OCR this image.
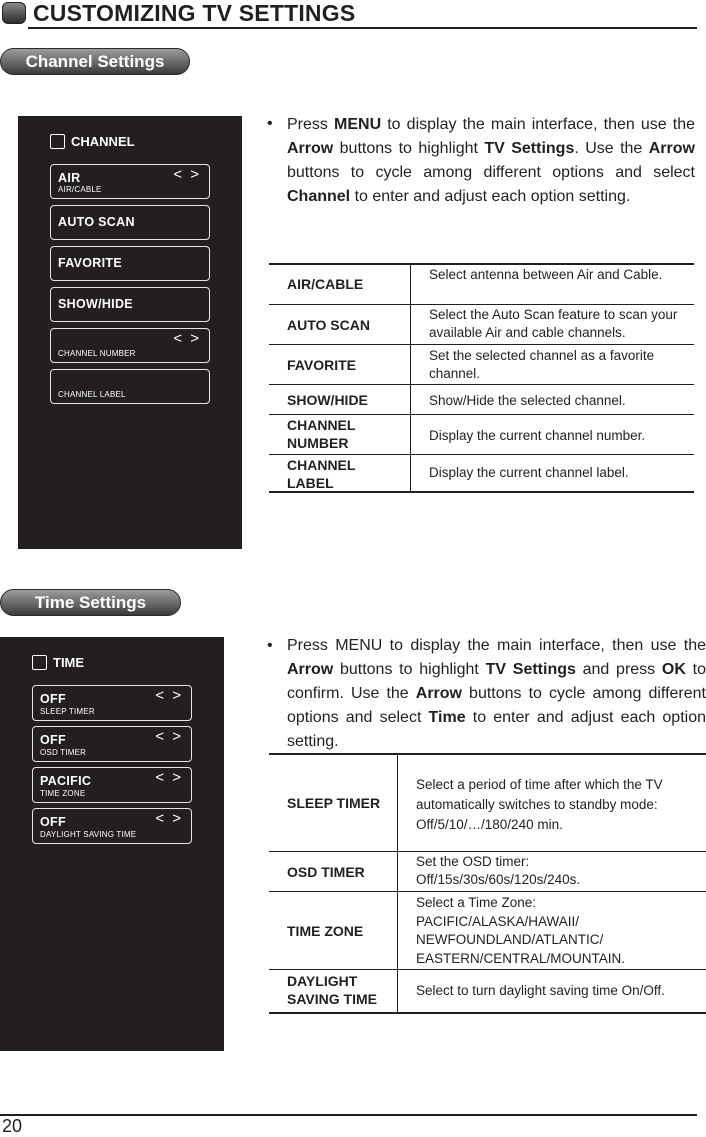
CUSTOMIZING TV SETTINGS
Channel Settings
CHANNEL
AIR
AIR/CABLE
< >
AUTO SCAN
FAVORITE
SHOW/HIDE
CHANNEL NUMBER
< >
CHANNEL LABEL
• Press MENU to display the main interface, then use the Arrow buttons to highlight TV Settings. Use the Arrow buttons to cycle among different options and select Channel to enter and adjust each option setting.
AIR/CABLE
Select antenna between Air and Cable.
AUTO SCAN
Select the Auto Scan feature to scan your available Air and cable channels.
FAVORITE
Set the selected channel as a favorite channel.
SHOW/HIDE	Show/Hide the selected channel.
CHANNEL NUMBER	Display the current channel number.
CHANNEL LABEL
Display the current channel label.
Time Settings
TIME
OFF
SLEEP TIMER
< >
OFF
OSD TIMER
< >
PACIFIC
TIME ZONE
< >
OFF
DAYLIGHT SAVING TIME
< >
• Press MENU to display the main interface, then use the Arrow buttons to highlight TV Settings and press OK to confirm. Use the Arrow buttons to cycle among different options and select Time to enter and adjust each option setting.
SLEEP TIMER
Select a period of time after which the TV automatically switches to standby mode: Off/5/10/…/180/240 min.
OSD TIMER
Set the OSD timer: Off/15s/30s/60s/120s/240s.
TIME ZONE
Select a Time Zone: PACIFIC/ALASKA/HAWAII/ NEWFOUNDLAND/ATLANTIC/ EASTERN/CENTRAL/MOUNTAIN.
DAYLIGHT SAVING TIME
Select to turn daylight saving time On/Off.
20
